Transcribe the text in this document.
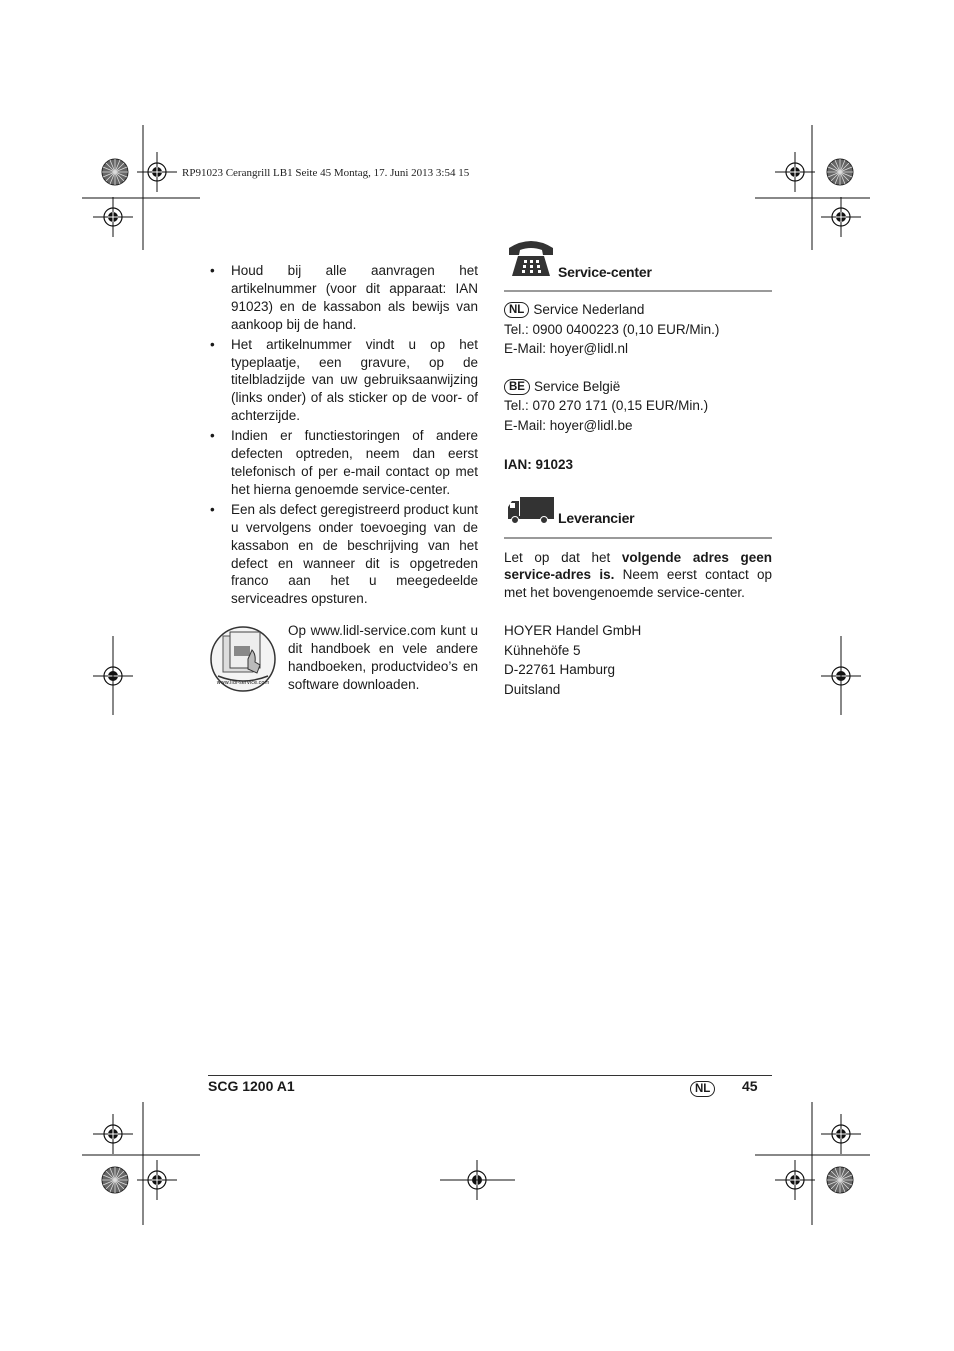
RP91023 Cerangrill LB1 Seite 45 Montag, 17. Juni 2013 3:54 15
• Houd bij alle aanvragen het artikelnummer (voor dit apparaat: IAN 91023) en de kassabon als bewijs van aankoop bij de hand.
• Het artikelnummer vindt u op het typeplaatje, een gravure, op de titelbladzijde van uw gebruiksaanwijzing (links onder) of als sticker op de voor- of achterzijde.
• Indien er functiestoringen of andere defecten optreden, neem dan eerst telefonisch of per e-mail contact op met het hierna genoemde service-center.
• Een als defect geregistreerd product kunt u vervolgens onder toevoeging van de kassabon en de beschrijving van het defect en wanneer dit is opgetreden franco aan het u meegedeelde serviceadres opsturen.
www.lidl-service.com
Op www.lidl-service.com kunt u dit handboek en vele andere handboeken, productvideo’s en software downloaden.
Service-center
NL Service Nederland
Tel.: 0900 0400223 (0,10 EUR/Min.)
E-Mail: hoyer@lidl.nl
BE Service België
Tel.: 070 270 171 (0,15 EUR/Min.)
E-Mail: hoyer@lidl.be
IAN: 91023
Leverancier
Let op dat het volgende adres geen service-adres is. Neem eerst contact op met het bovengenoemde service-center.
HOYER Handel GmbH
Kühnehöfe 5
D-22761 Hamburg
Duitsland
SCG 1200 A1	NL	45
